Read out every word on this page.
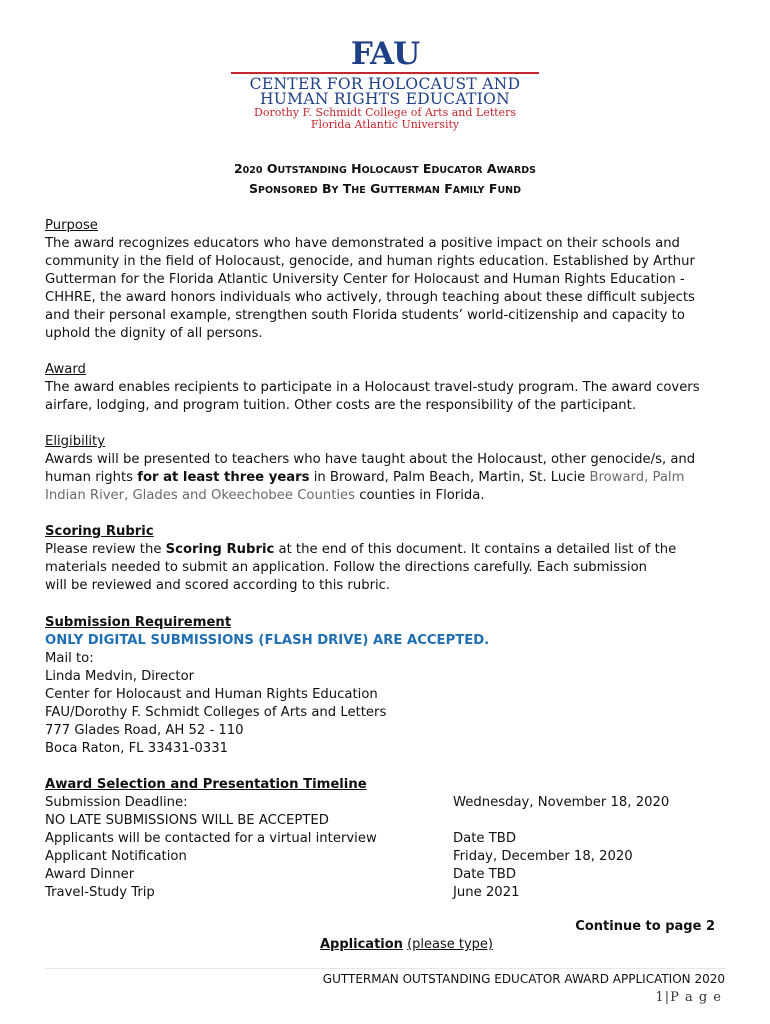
FAU
CENTER FOR HOLOCAUST AND
HUMAN RIGHTS EDUCATION
Dorothy F. Schmidt College of Arts and Letters
Florida Atlantic University
2020 OUTSTANDING HOLOCAUST EDUCATOR AWARDS
SPONSORED BY THE GUTTERMAN FAMILY FUND
Purpose
The award recognizes educators who have demonstrated a positive impact on their schools and
community in the field of Holocaust, genocide, and human rights education. Established by Arthur
Gutterman for the Florida Atlantic University Center for Holocaust and Human Rights Education -
CHHRE, the award honors individuals who actively, through teaching about these difficult subjects
and their personal example, strengthen south Florida students’ world-citizenship and capacity to
uphold the dignity of all persons.
Award
The award enables recipients to participate in a Holocaust travel-study program. The award covers
airfare, lodging, and program tuition. Other costs are the responsibility of the participant.
Eligibility
Awards will be presented to teachers who have taught about the Holocaust, other genocide/s, and
human rights for at least three years in Broward, Palm Beach, Martin, St. Lucie Broward, Palm
Indian River, Glades and Okeechobee Counties counties in Florida.
Scoring Rubric
Please review the Scoring Rubric at the end of this document. It contains a detailed list of the
materials needed to submit an application. Follow the directions carefully. Each submission
will be reviewed and scored according to this rubric.
Submission Requirement
ONLY DIGITAL SUBMISSIONS (FLASH DRIVE) ARE ACCEPTED.
Mail to:
Linda Medvin, Director
Center for Holocaust and Human Rights Education
FAU/Dorothy F. Schmidt Colleges of Arts and Letters
777 Glades Road, AH 52 - 110
Boca Raton, FL 33431-0331
Award Selection and Presentation Timeline
Submission Deadline:	Wednesday, November 18, 2020
NO LATE SUBMISSIONS WILL BE ACCEPTED
Applicants will be contacted for a virtual interview	Date TBD
Applicant Notification	Friday, December 18, 2020
Award Dinner	Date TBD
Travel-Study Trip	June 2021
Continue to page 2
Application (please type)
GUTTERMAN OUTSTANDING EDUCATOR AWARD APPLICATION 2020
1|P a g e
